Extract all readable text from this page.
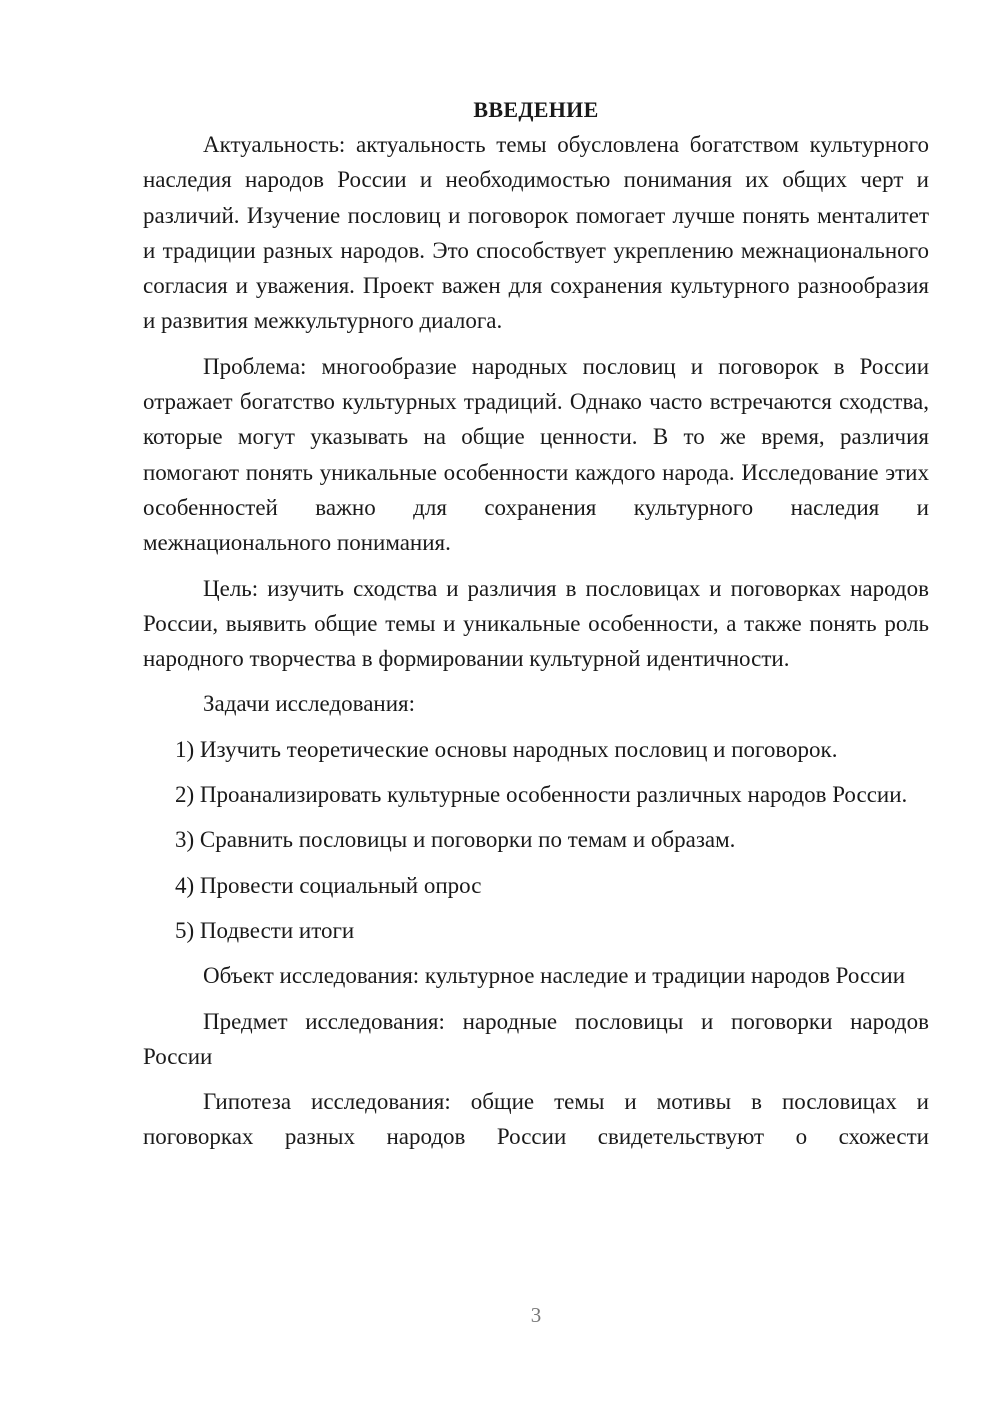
ВВЕДЕНИЕ

Актуальность: актуальность темы обусловлена богатством культурного наследия народов России и необходимостью понимания их общих черт и различий. Изучение пословиц и поговорок помогает лучше понять менталитет и традиции разных народов. Это способствует укреплению межнационального согласия и уважения. Проект важен для сохранения культурного разнообразия и развития межкультурного диалога.

Проблема: многообразие народных пословиц и поговорок в России отражает богатство культурных традиций. Однако часто встречаются сходства, которые могут указывать на общие ценности. В то же время, различия помогают понять уникальные особенности каждого народа. Исследование этих особенностей важно для сохранения культурного наследия и межнационального понимания.

Цель: изучить сходства и различия в пословицах и поговорках народов России, выявить общие темы и уникальные особенности, а также понять роль народного творчества в формировании культурной идентичности.

Задачи исследования:

1) Изучить теоретические основы народных пословиц и поговорок.

2) Проанализировать культурные особенности различных народов России.

3) Сравнить пословицы и поговорки по темам и образам.

4) Провести социальный опрос

5) Подвести итоги

Объект исследования: культурное наследие и традиции народов России

Предмет исследования: народные пословицы и поговорки народов России

Гипотеза исследования: общие темы и мотивы в пословицах и поговорках разных народов России свидетельствуют о схожести

3
